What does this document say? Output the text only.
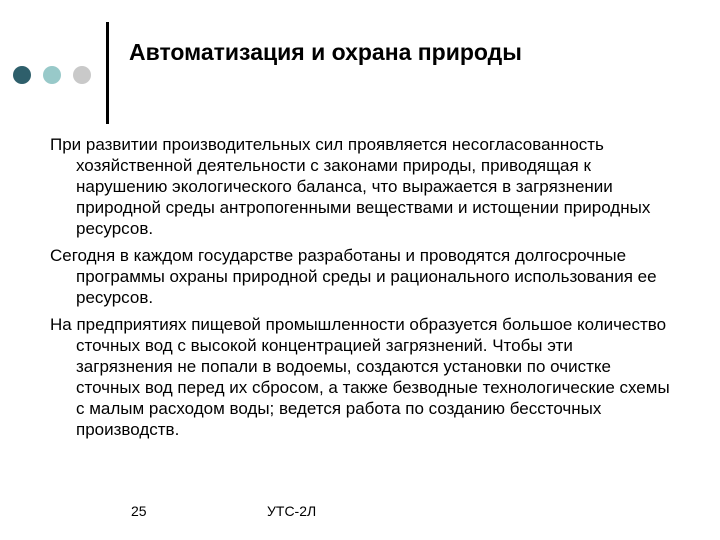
Автоматизация и охрана природы

При развитии производительных сил проявляется несогласованность хозяйственной деятельности с законами природы, приводящая к нарушению экологического баланса, что выражается в загрязнении природной среды антропогенными веществами и истощении природных ресурсов.

Сегодня в каждом государстве разработаны и проводятся долгосрочные программы охраны природной среды и рационального использования ее ресурсов.

На предприятиях пищевой промышленности образуется большое количество сточных вод с высокой концентрацией загрязнений. Чтобы эти загрязнения не попали в водоемы, создаются установки по очистке сточных вод перед их сбросом, а также безводные технологические схемы с малым расходом воды; ведется работа по созданию бессточных производств.

25	УТС-2Л
